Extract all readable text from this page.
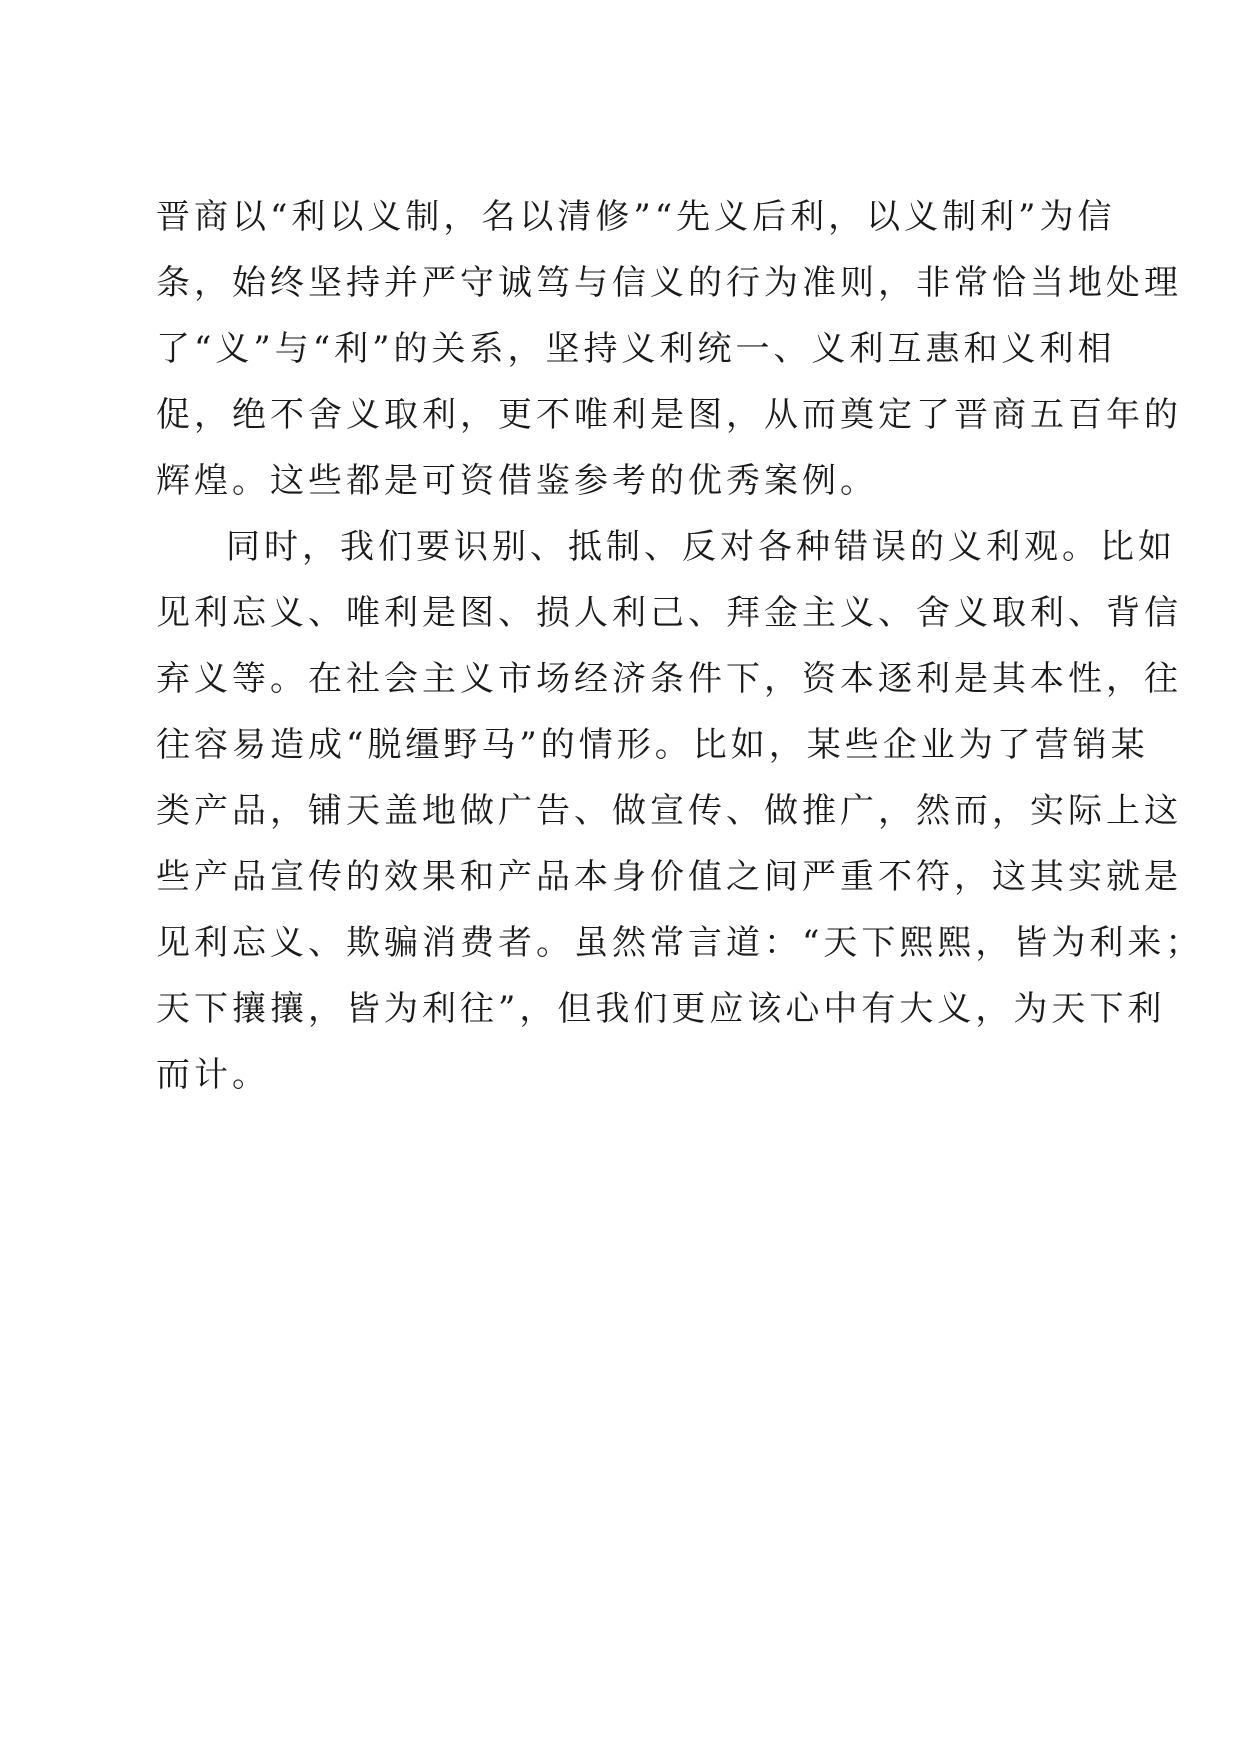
晋商以“利以义制，名以清修”“先义后利，以义制利”为信
条，始终坚持并严守诚笃与信义的行为准则，非常恰当地处理
了“义”与“利”的关系，坚持义利统一、义利互惠和义利相
促，绝不舍义取利，更不唯利是图，从而奠定了晋商五百年的
辉煌。这些都是可资借鉴参考的优秀案例。
同时，我们要识别、抵制、反对各种错误的义利观。比如
见利忘义、唯利是图、损人利己、拜金主义、舍义取利、背信
弃义等。在社会主义市场经济条件下，资本逐利是其本性，往
往容易造成“脱缰野马”的情形。比如，某些企业为了营销某
类产品，铺天盖地做广告、做宣传、做推广，然而，实际上这
些产品宣传的效果和产品本身价值之间严重不符，这其实就是
见利忘义、欺骗消费者。虽然常言道：“天下熙熙，皆为利来；
天下攘攘，皆为利往”，但我们更应该心中有大义，为天下利
而计。
